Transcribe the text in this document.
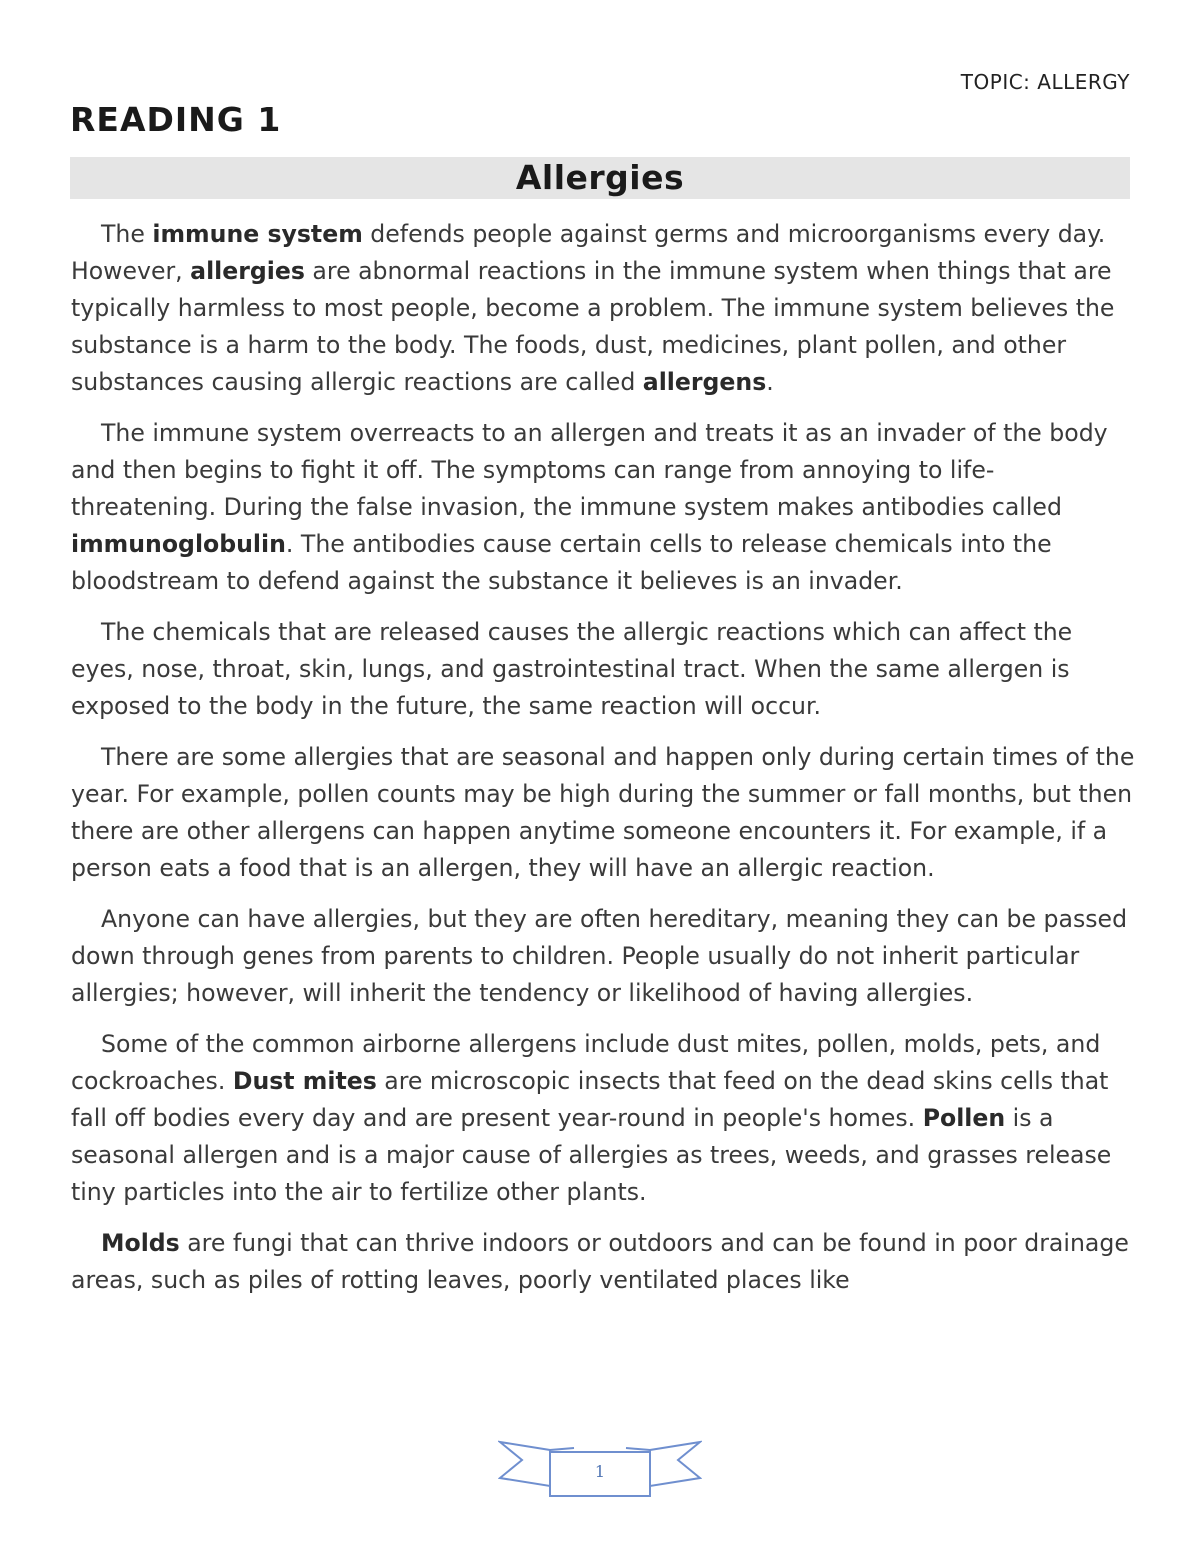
TOPIC: ALLERGY
READING 1
Allergies

The immune system defends people against germs and microorganisms every day. However, allergies are abnormal reactions in the immune system when things that are typically harmless to most people, become a problem. The immune system believes the substance is a harm to the body. The foods, dust, medicines, plant pollen, and other substances causing allergic reactions are called allergens.

The immune system overreacts to an allergen and treats it as an invader of the body and then begins to fight it off. The symptoms can range from annoying to life-threatening. During the false invasion, the immune system makes antibodies called immunoglobulin. The antibodies cause certain cells to release chemicals into the bloodstream to defend against the substance it believes is an invader.

The chemicals that are released causes the allergic reactions which can affect the eyes, nose, throat, skin, lungs, and gastrointestinal tract. When the same allergen is exposed to the body in the future, the same reaction will occur.

There are some allergies that are seasonal and happen only during certain times of the year. For example, pollen counts may be high during the summer or fall months, but then there are other allergens can happen anytime someone encounters it. For example, if a person eats a food that is an allergen, they will have an allergic reaction.

Anyone can have allergies, but they are often hereditary, meaning they can be passed down through genes from parents to children. People usually do not inherit particular allergies; however, will inherit the tendency or likelihood of having allergies.

Some of the common airborne allergens include dust mites, pollen, molds, pets, and cockroaches. Dust mites are microscopic insects that feed on the dead skins cells that fall off bodies every day and are present year-round in people's homes. Pollen is a seasonal allergen and is a major cause of allergies as trees, weeds, and grasses release tiny particles into the air to fertilize other plants.

Molds are fungi that can thrive indoors or outdoors and can be found in poor drainage areas, such as piles of rotting leaves, poorly ventilated places like

1
